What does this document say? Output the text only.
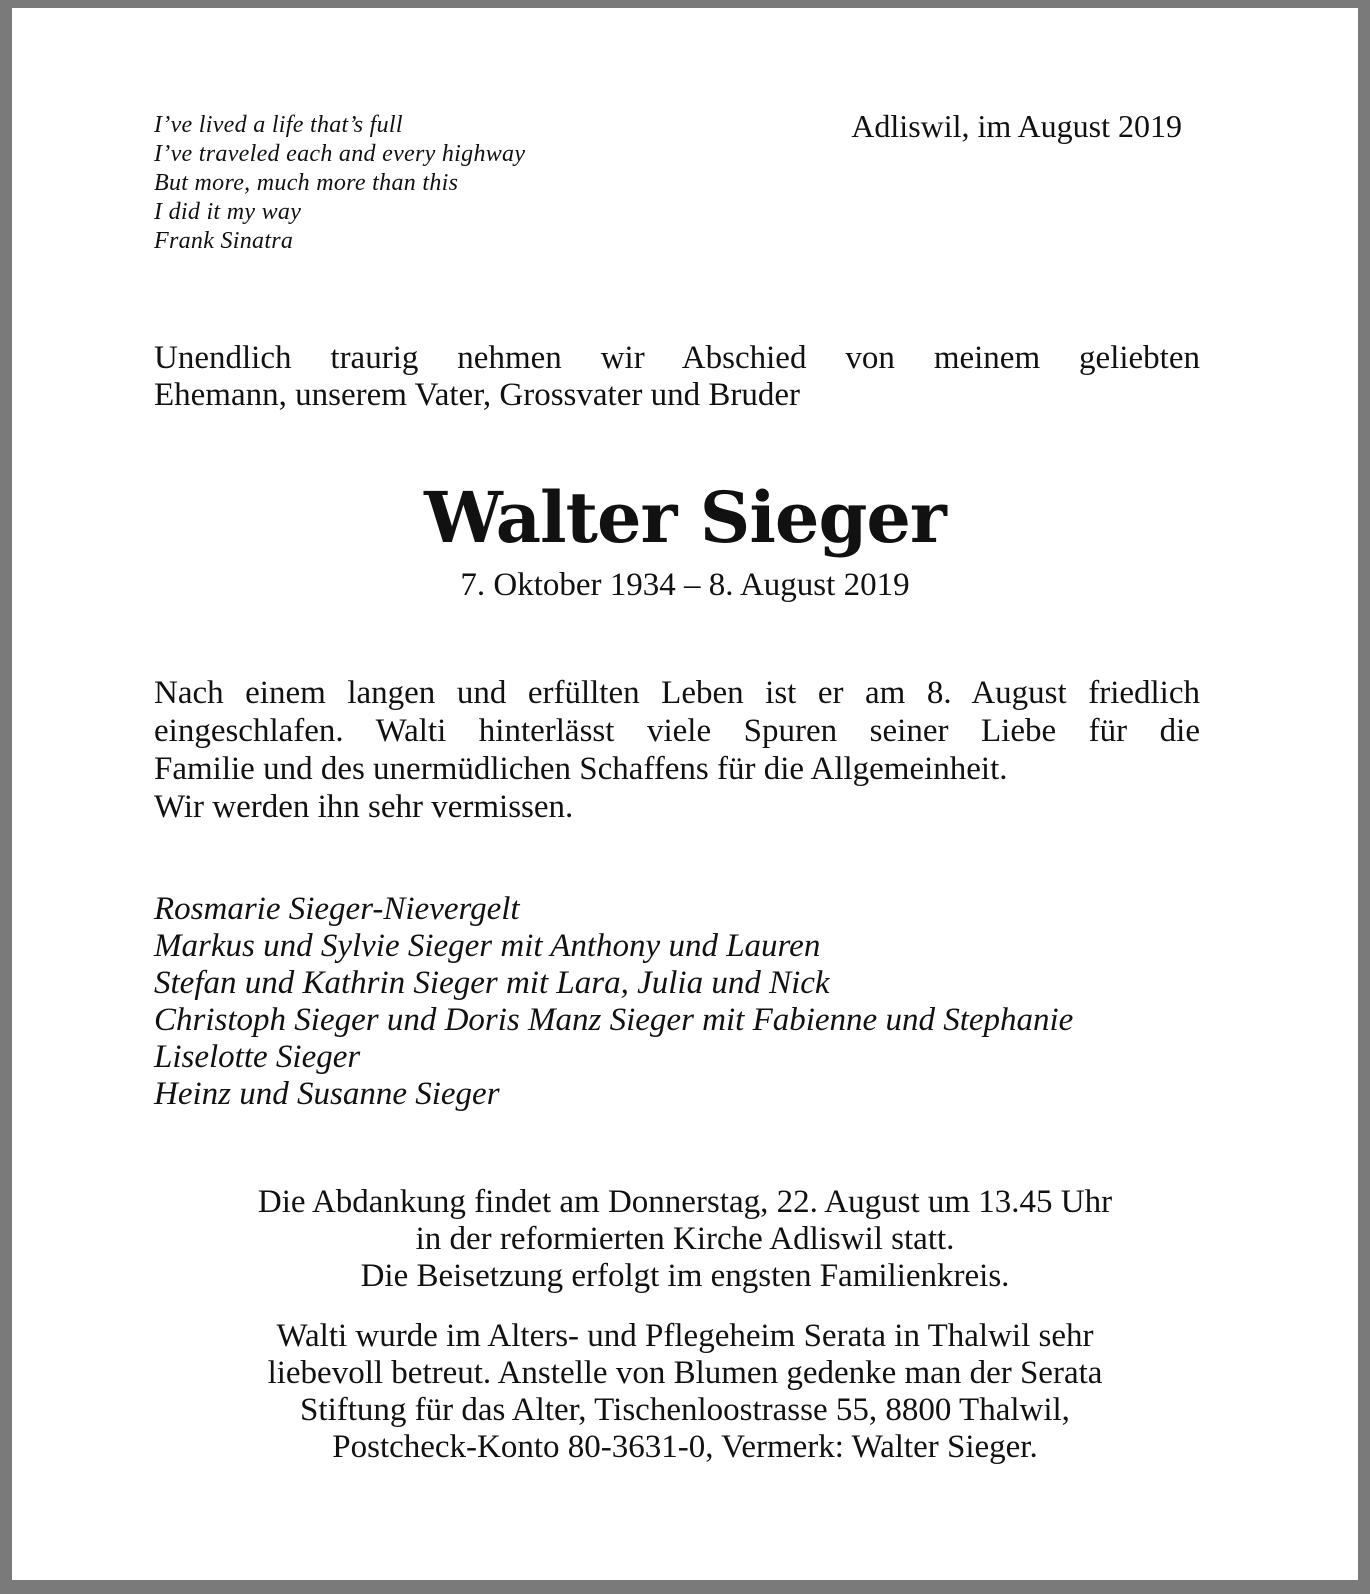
I’ve lived a life that’s full
I’ve traveled each and every highway
But more, much more than this
I did it my way
Frank Sinatra
Adliswil, im August 2019
Unendlich traurig nehmen wir Abschied von meinem geliebten
Ehemann, unserem Vater, Grossvater und Bruder
Walter Sieger
7. Oktober 1934 – 8. August 2019
Nach einem langen und erfüllten Leben ist er am 8. August friedlich
eingeschlafen. Walti hinterlässt viele Spuren seiner Liebe für die
Familie und des unermüdlichen Schaffens für die Allgemeinheit.
Wir werden ihn sehr vermissen.
Rosmarie Sieger-Nievergelt
Markus und Sylvie Sieger mit Anthony und Lauren
Stefan und Kathrin Sieger mit Lara, Julia und Nick
Christoph Sieger und Doris Manz Sieger mit Fabienne und Stephanie
Liselotte Sieger
Heinz und Susanne Sieger
Die Abdankung findet am Donnerstag, 22. August um 13.45 Uhr
in der reformierten Kirche Adliswil statt.
Die Beisetzung erfolgt im engsten Familienkreis.
Walti wurde im Alters- und Pflegeheim Serata in Thalwil sehr
liebevoll betreut. Anstelle von Blumen gedenke man der Serata
Stiftung für das Alter, Tischenloostrasse 55, 8800 Thalwil,
Postcheck-Konto 80-3631-0, Vermerk: Walter Sieger.
